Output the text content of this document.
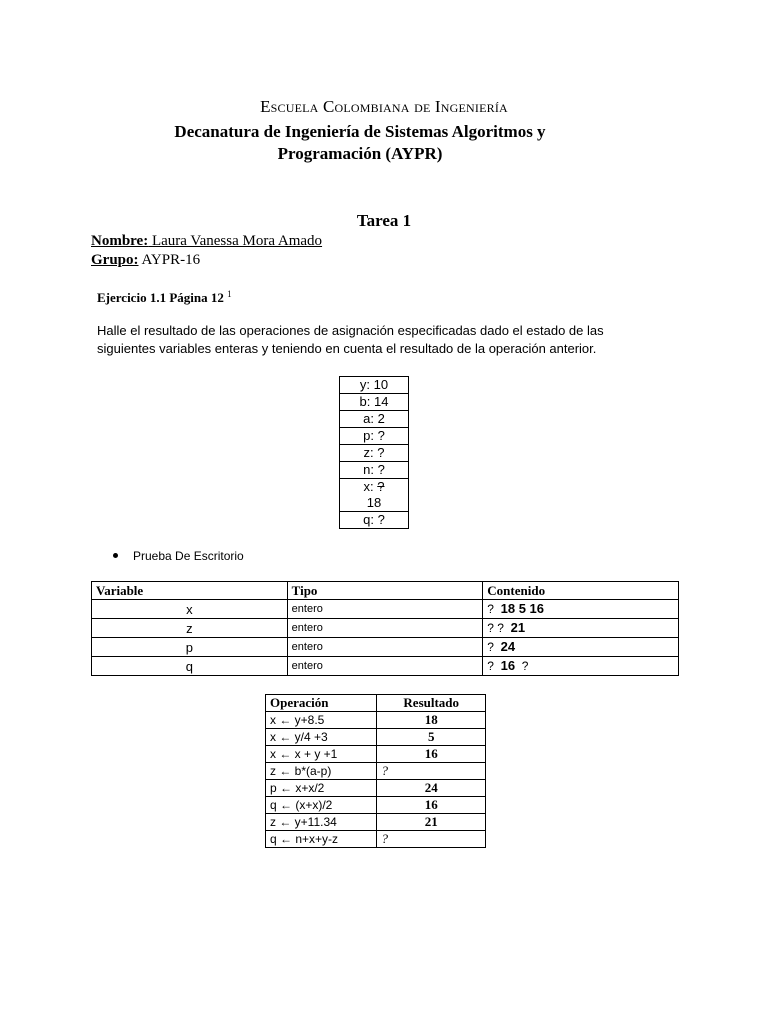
Escuela Colombiana de Ingeniería
Decanatura de Ingeniería de Sistemas Algoritmos y Programación (AYPR)
Tarea 1
Nombre: Laura Vanessa Mora Amado
Grupo: AYPR-16
Ejercicio 1.1 Página 12 $^1$
Halle el resultado de las operaciones de asignación especificadas dado el estado de las siguientes variables enteras y teniendo en cuenta el resultado de la operación anterior.
y: 10
b: 14
a: 2
p: ?
z: ?
n: ?
x: ?
18
q: ?
Prueba De Escritorio
Variable	Tipo	Contenido
x	entero	? 18 5 16
z	entero	? ? 21
p	entero	? 24
q	entero	? 16 ?
Operación	Resultado
x ← y+8.5	18
x ← y/4 +3	5
x ← x + y +1	16
z ← b*(a-p)	?
p ← x+x/2	24
q ← (x+x)/2	16
z ← y+11.34	21
q ← n+x+y-z	?
